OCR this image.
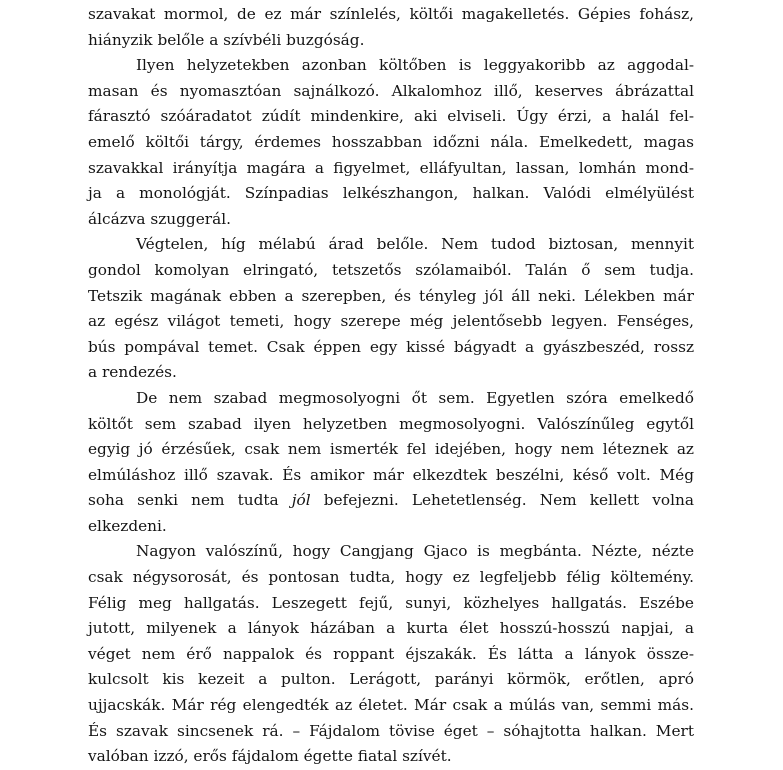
szavakat mormol, de ez már színlelés, költői magakelletés. Gépies fohász,
hiányzik belőle a szívbéli buzgóság.

Ilyen helyzetekben azonban költőben is leggyakoribb az aggodal-
masan és nyomasztóan sajnálkozó. Alkalomhoz illő, keserves ábrázattal
fárasztó szóáradatot zúdít mindenkire, aki elviseli. Úgy érzi, a halál fel-
emelő költői tárgy, érdemes hosszabban időzni nála. Emelkedett, magas
szavakkal irányítja magára a figyelmet, elláfyultan, lassan, lomhán mond-
ja a monológját. Színpadias lelkészhangon, halkan. Valódi elmélyülést
álcázva szuggerál.

Végtelen, híg mélabú árad belőle. Nem tudod biztosan, mennyit
gondol komolyan elringató, tetszetős szólamaiból. Talán ő sem tudja.
Tetszik magának ebben a szerepben, és tényleg jól áll neki. Lélekben már
az egész világot temeti, hogy szerepe még jelentősebb legyen. Fenséges,
bús pompával temet. Csak éppen egy kissé bágyadt a gyászbeszéd, rossz
a rendezés.

De nem szabad megmosolyogni őt sem. Egyetlen szóra emelkedő
költőt sem szabad ilyen helyzetben megmosolyogni. Valószínűleg egytől
egyig jó érzésűek, csak nem ismerték fel idejében, hogy nem léteznek az
elmúláshoz illő szavak. És amikor már elkezdtek beszélni, késő volt. Még
soha senki nem tudta jól befejezni. Lehetetlenség. Nem kellett volna
elkezdeni.

Nagyon valószínű, hogy Cangjang Gjaco is megbánta. Nézte, nézte
csak négysorosát, és pontosan tudta, hogy ez legfeljebb félig költemény.
Félig meg hallgatás. Leszegett fejű, sunyi, közhelyes hallgatás. Eszébe
jutott, milyenek a lányok házában a kurta élet hosszú-hosszú napjai, a
véget nem érő nappalok és roppant éjszakák. És látta a lányok össze-
kulcsolt kis kezeit a pulton. Lerágott, parányi körmök, erőtlen, apró
ujjacskák. Már rég elengedték az életet. Már csak a múlás van, semmi más.
És szavak sincsenek rá. – Fájdalom tövise éget – sóhajtotta halkan. Mert
valóban izzó, erős fájdalom égette fiatal szívét.
